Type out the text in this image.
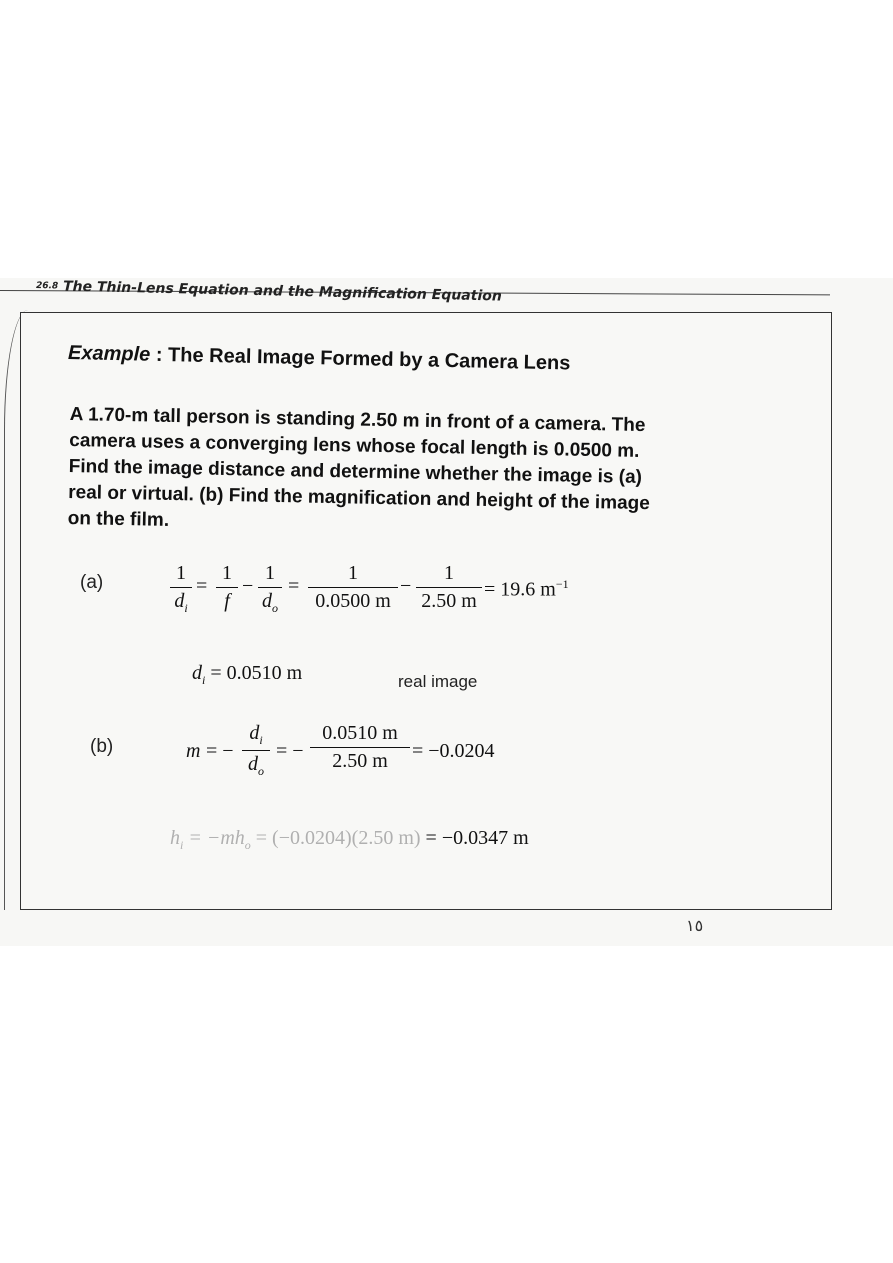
26.8 The Thin-Lens Equation and the Magnification Equation
Example : The Real Image Formed by a Camera Lens
A 1.70-m tall person is standing 2.50 m in front of a camera. The
camera uses a converging lens whose focal length is 0.0500 m.
Find the image distance and determine whether the image is (a)
real or virtual. (b) Find the magnification and height of the image
on the film.
(a)	1
$d_i$
=
1
f
−
1
$d_o$
=
1
0.0500 m
−
1
2.50 m
= 19.6 $m^{-1}$
$d_i = 0.0510$ m	real image
(b)	m = −
$d_i$
$d_o$
= −
0.0510 m
2.50 m	= −0.0204
$h_i = -mh_o = (-0.0204)(2.50$ m) = −0.0347 m
١٥
